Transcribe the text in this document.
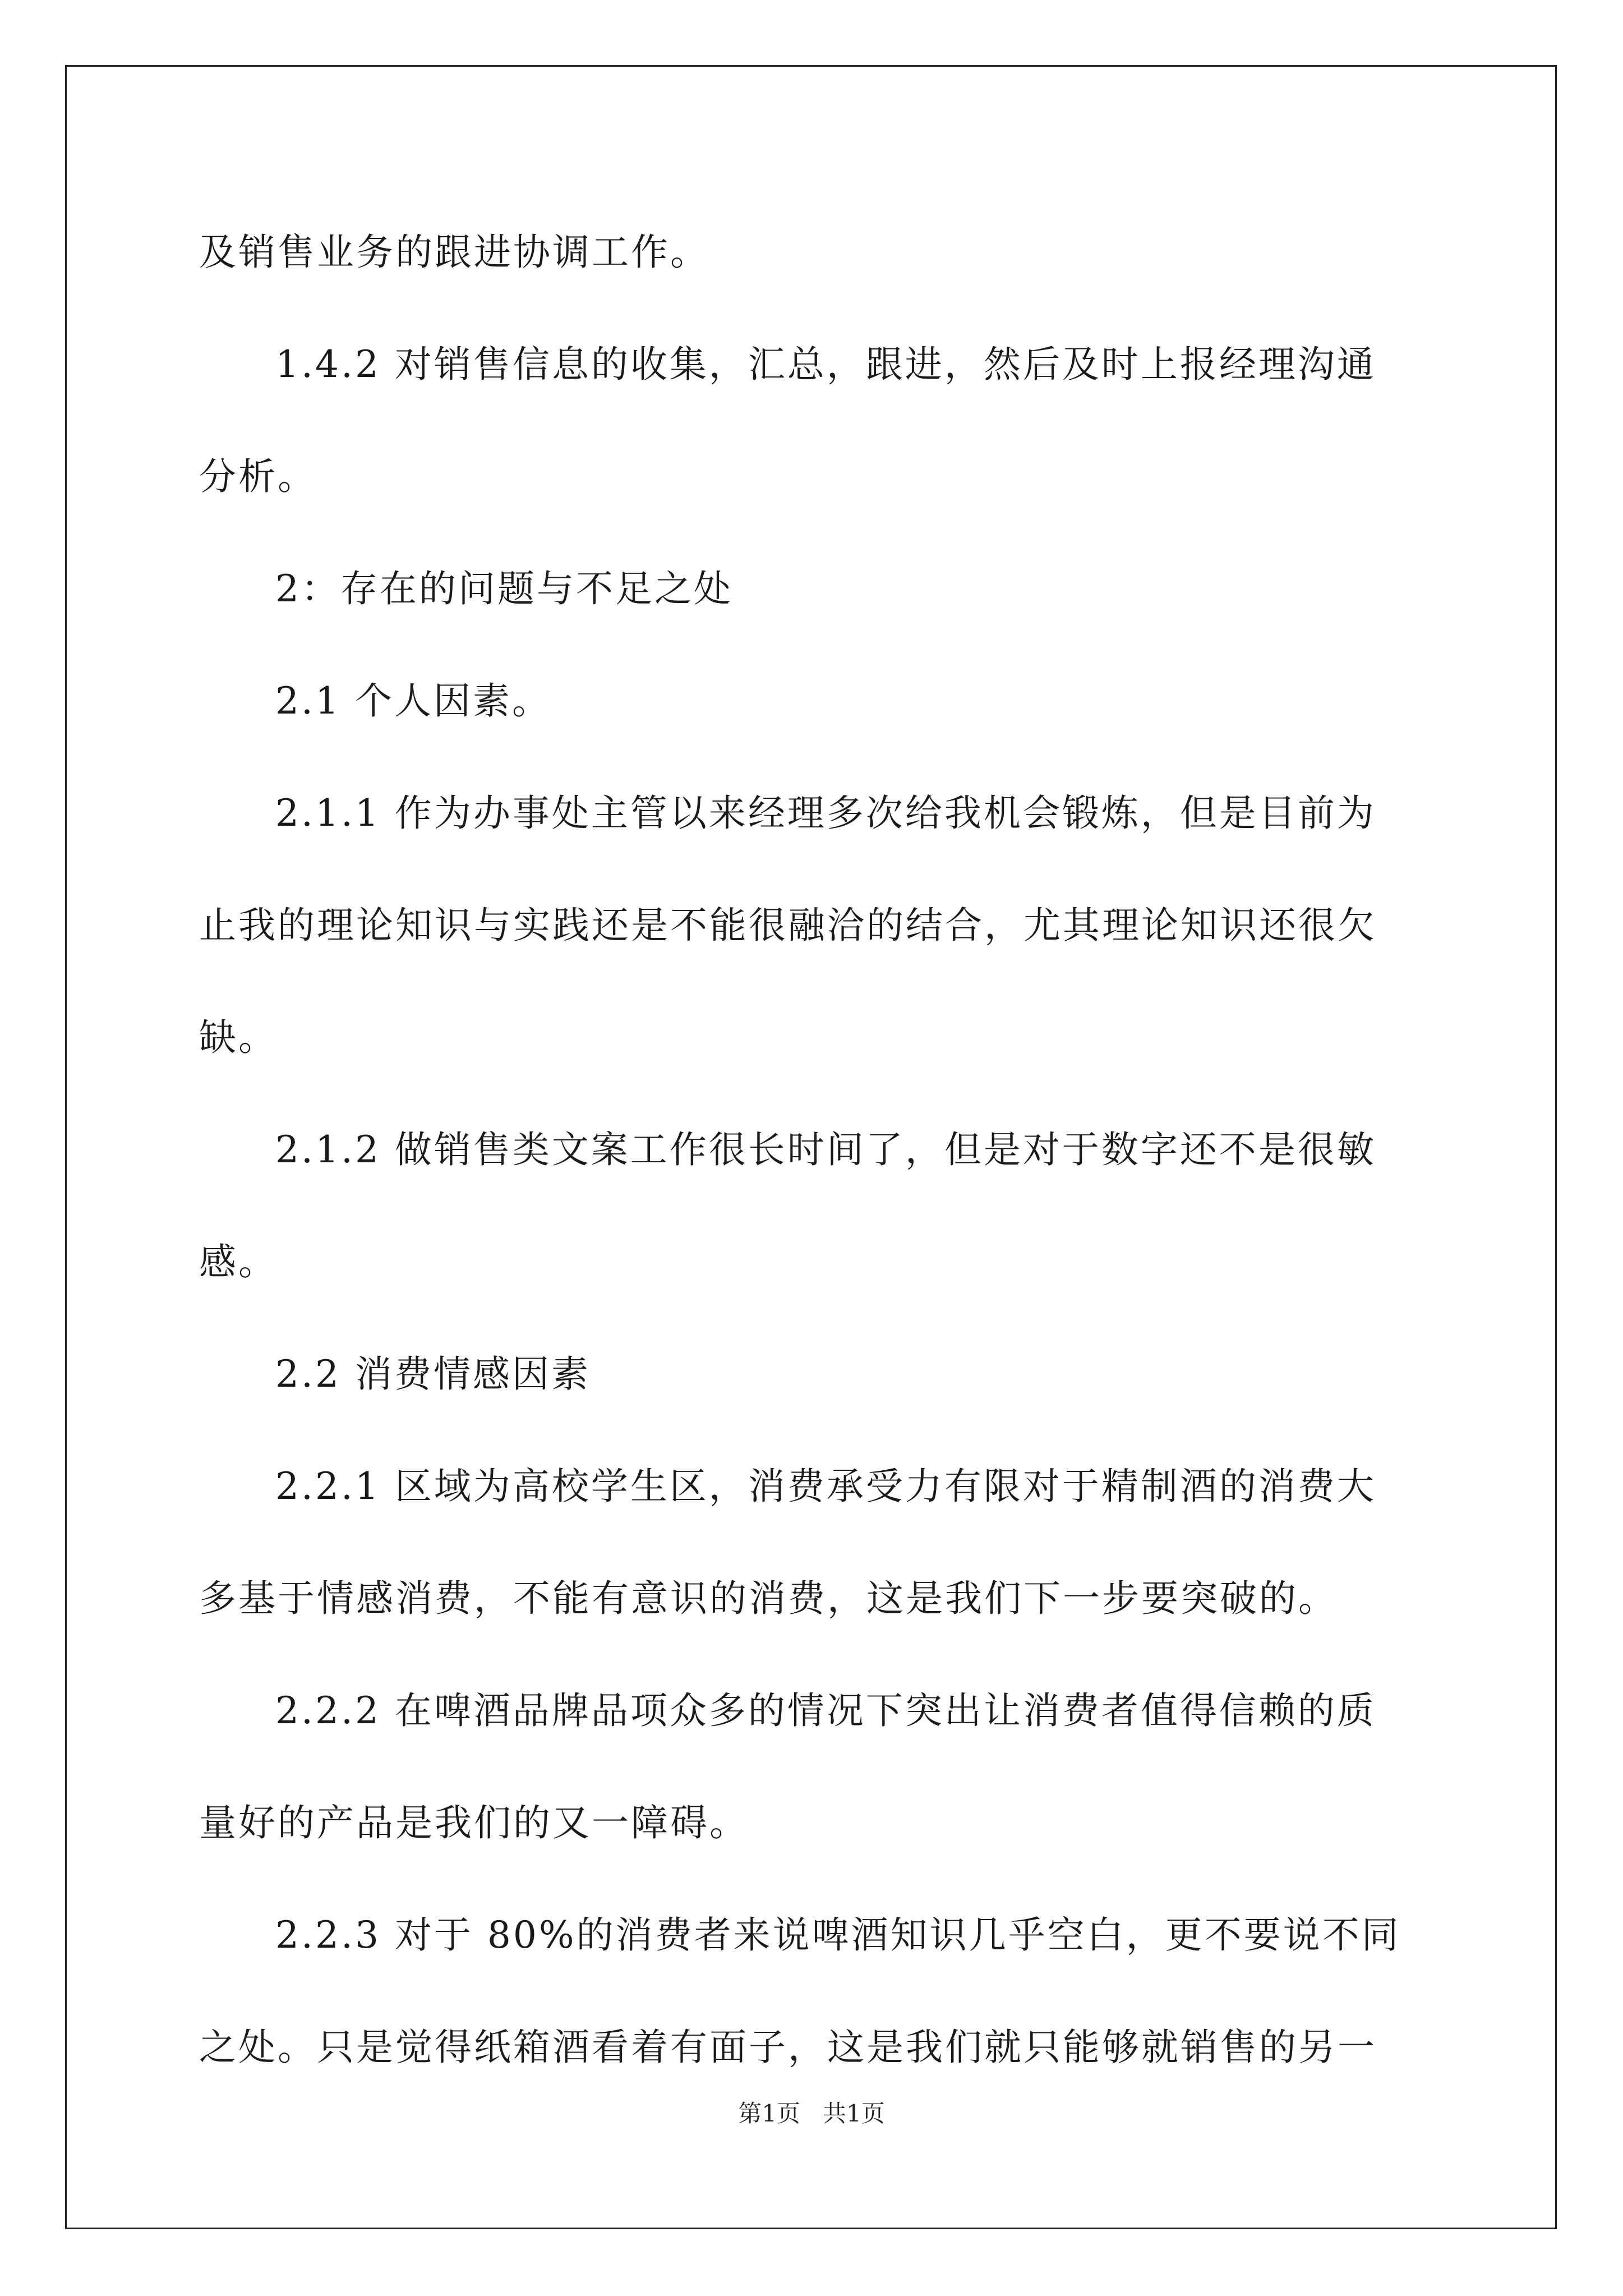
及销售业务的跟进协调工作。

1.4.2 对销售信息的收集，汇总，跟进，然后及时上报经理沟通
分析。

2：存在的问题与不足之处

2.1 个人因素。

2.1.1 作为办事处主管以来经理多次给我机会锻炼，但是目前为
止我的理论知识与实践还是不能很融洽的结合，尤其理论知识还很欠
缺。

2.1.2 做销售类文案工作很长时间了，但是对于数字还不是很敏
感。

2.2 消费情感因素

2.2.1 区域为高校学生区，消费承受力有限对于精制酒的消费大
多基于情感消费，不能有意识的消费，这是我们下一步要突破的。

2.2.2 在啤酒品牌品项众多的情况下突出让消费者值得信赖的质
量好的产品是我们的又一障碍。

2.2.3 对于 80%的消费者来说啤酒知识几乎空白，更不要说不同
之处。只是觉得纸箱酒看着有面子，这是我们就只能够就销售的另一

第1页 共1页
